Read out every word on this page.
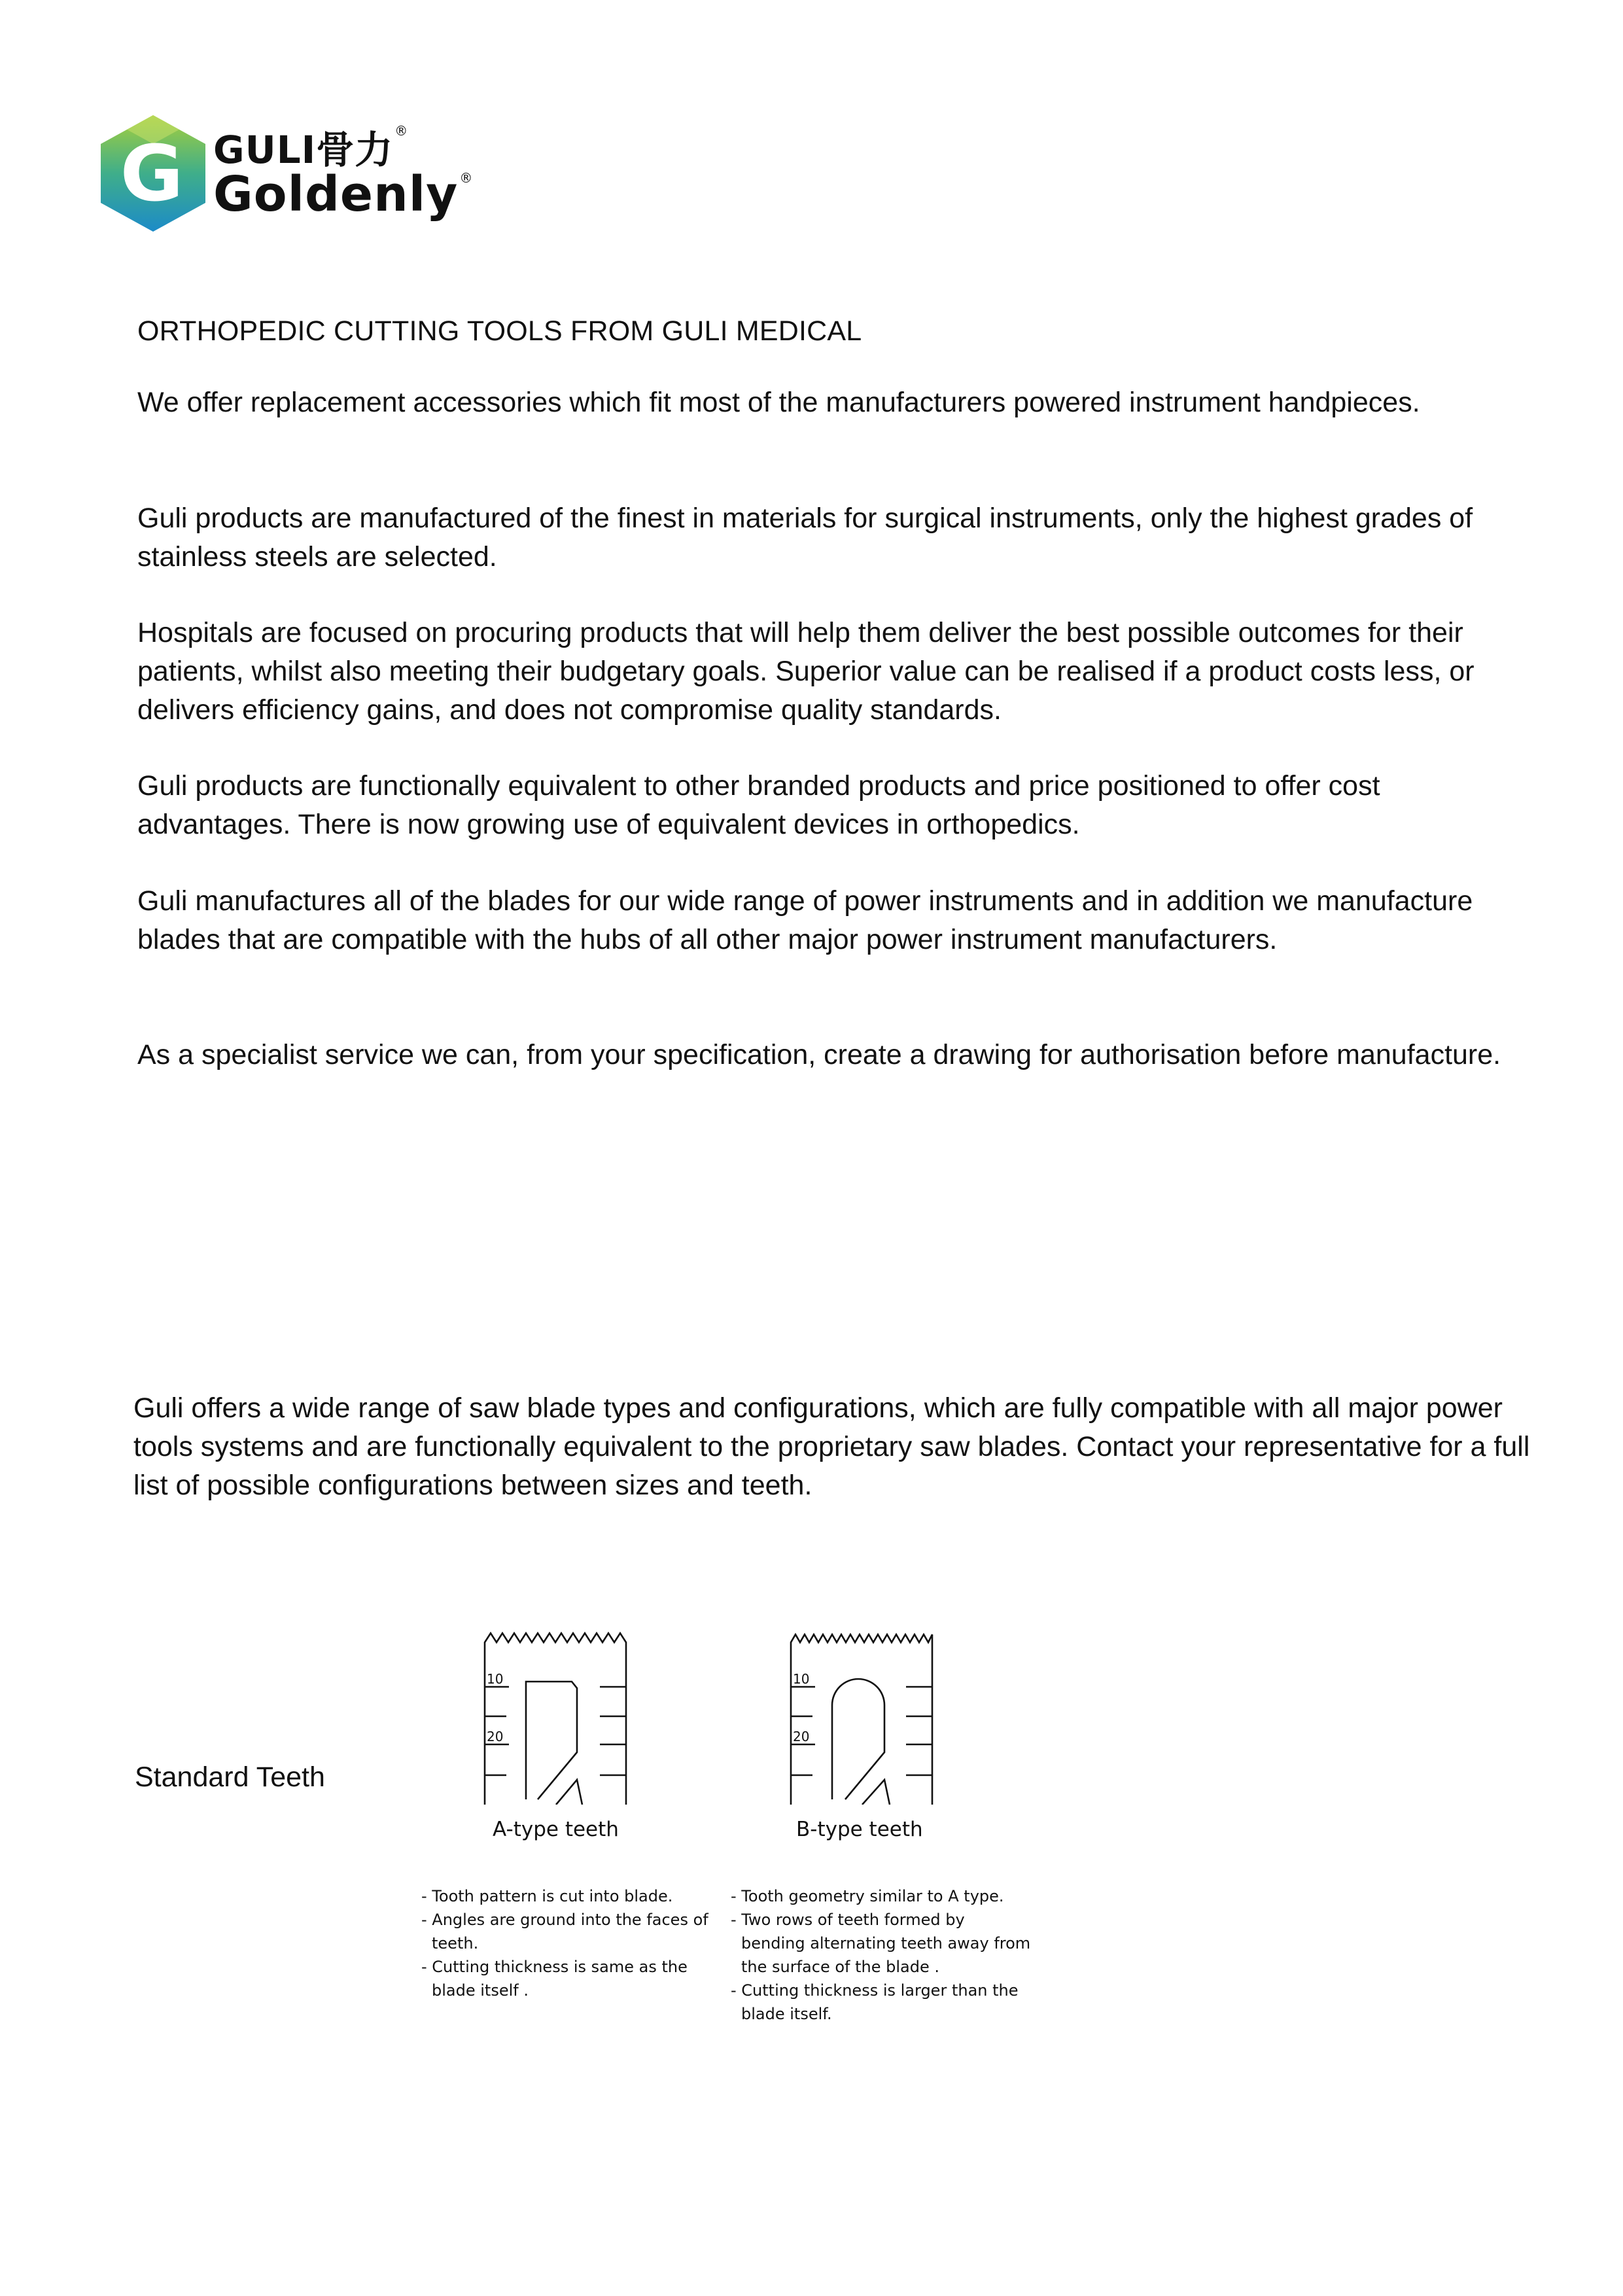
G GULI骨力 ®
Goldenly ®
ORTHOPEDIC CUTTING TOOLS FROM GULI MEDICAL

We offer replacement accessories which fit most of the manufacturers powered instrument handpieces.

Guli products are manufactured of the finest in materials for surgical instruments, only the highest grades of stainless steels are selected.

Hospitals are focused on procuring products that will help them deliver the best possible outcomes for their patients, whilst also meeting their budgetary goals. Superior value can be realised if a product costs less, or delivers efficiency gains, and does not compromise quality standards.

Guli products are functionally equivalent to other branded products and price positioned to offer cost advantages. There is now growing use of equivalent devices in orthopedics.

Guli manufactures all of the blades for our wide range of power instruments and in addition we manufacture blades that are compatible with the hubs of all other major power instrument manufacturers.

As a specialist service we can, from your specification, create a drawing for authorisation before manufacture.

Guli offers a wide range of saw blade types and configurations, which are fully compatible with all major power tools systems and are functionally equivalent to the proprietary saw blades. Contact your representative for a full list of possible configurations between sizes and teeth.

Standard Teeth
10
20
A-type teeth
- Tooth pattern is cut into blade.
- Angles are ground into the faces of teeth.
- Cutting thickness is same as the blade itself .
10
20
B-type teeth
- Tooth geometry similar to A type.
- Two rows of teeth formed by bending alternating teeth away from the surface of the blade .
- Cutting thickness is larger than the blade itself.
